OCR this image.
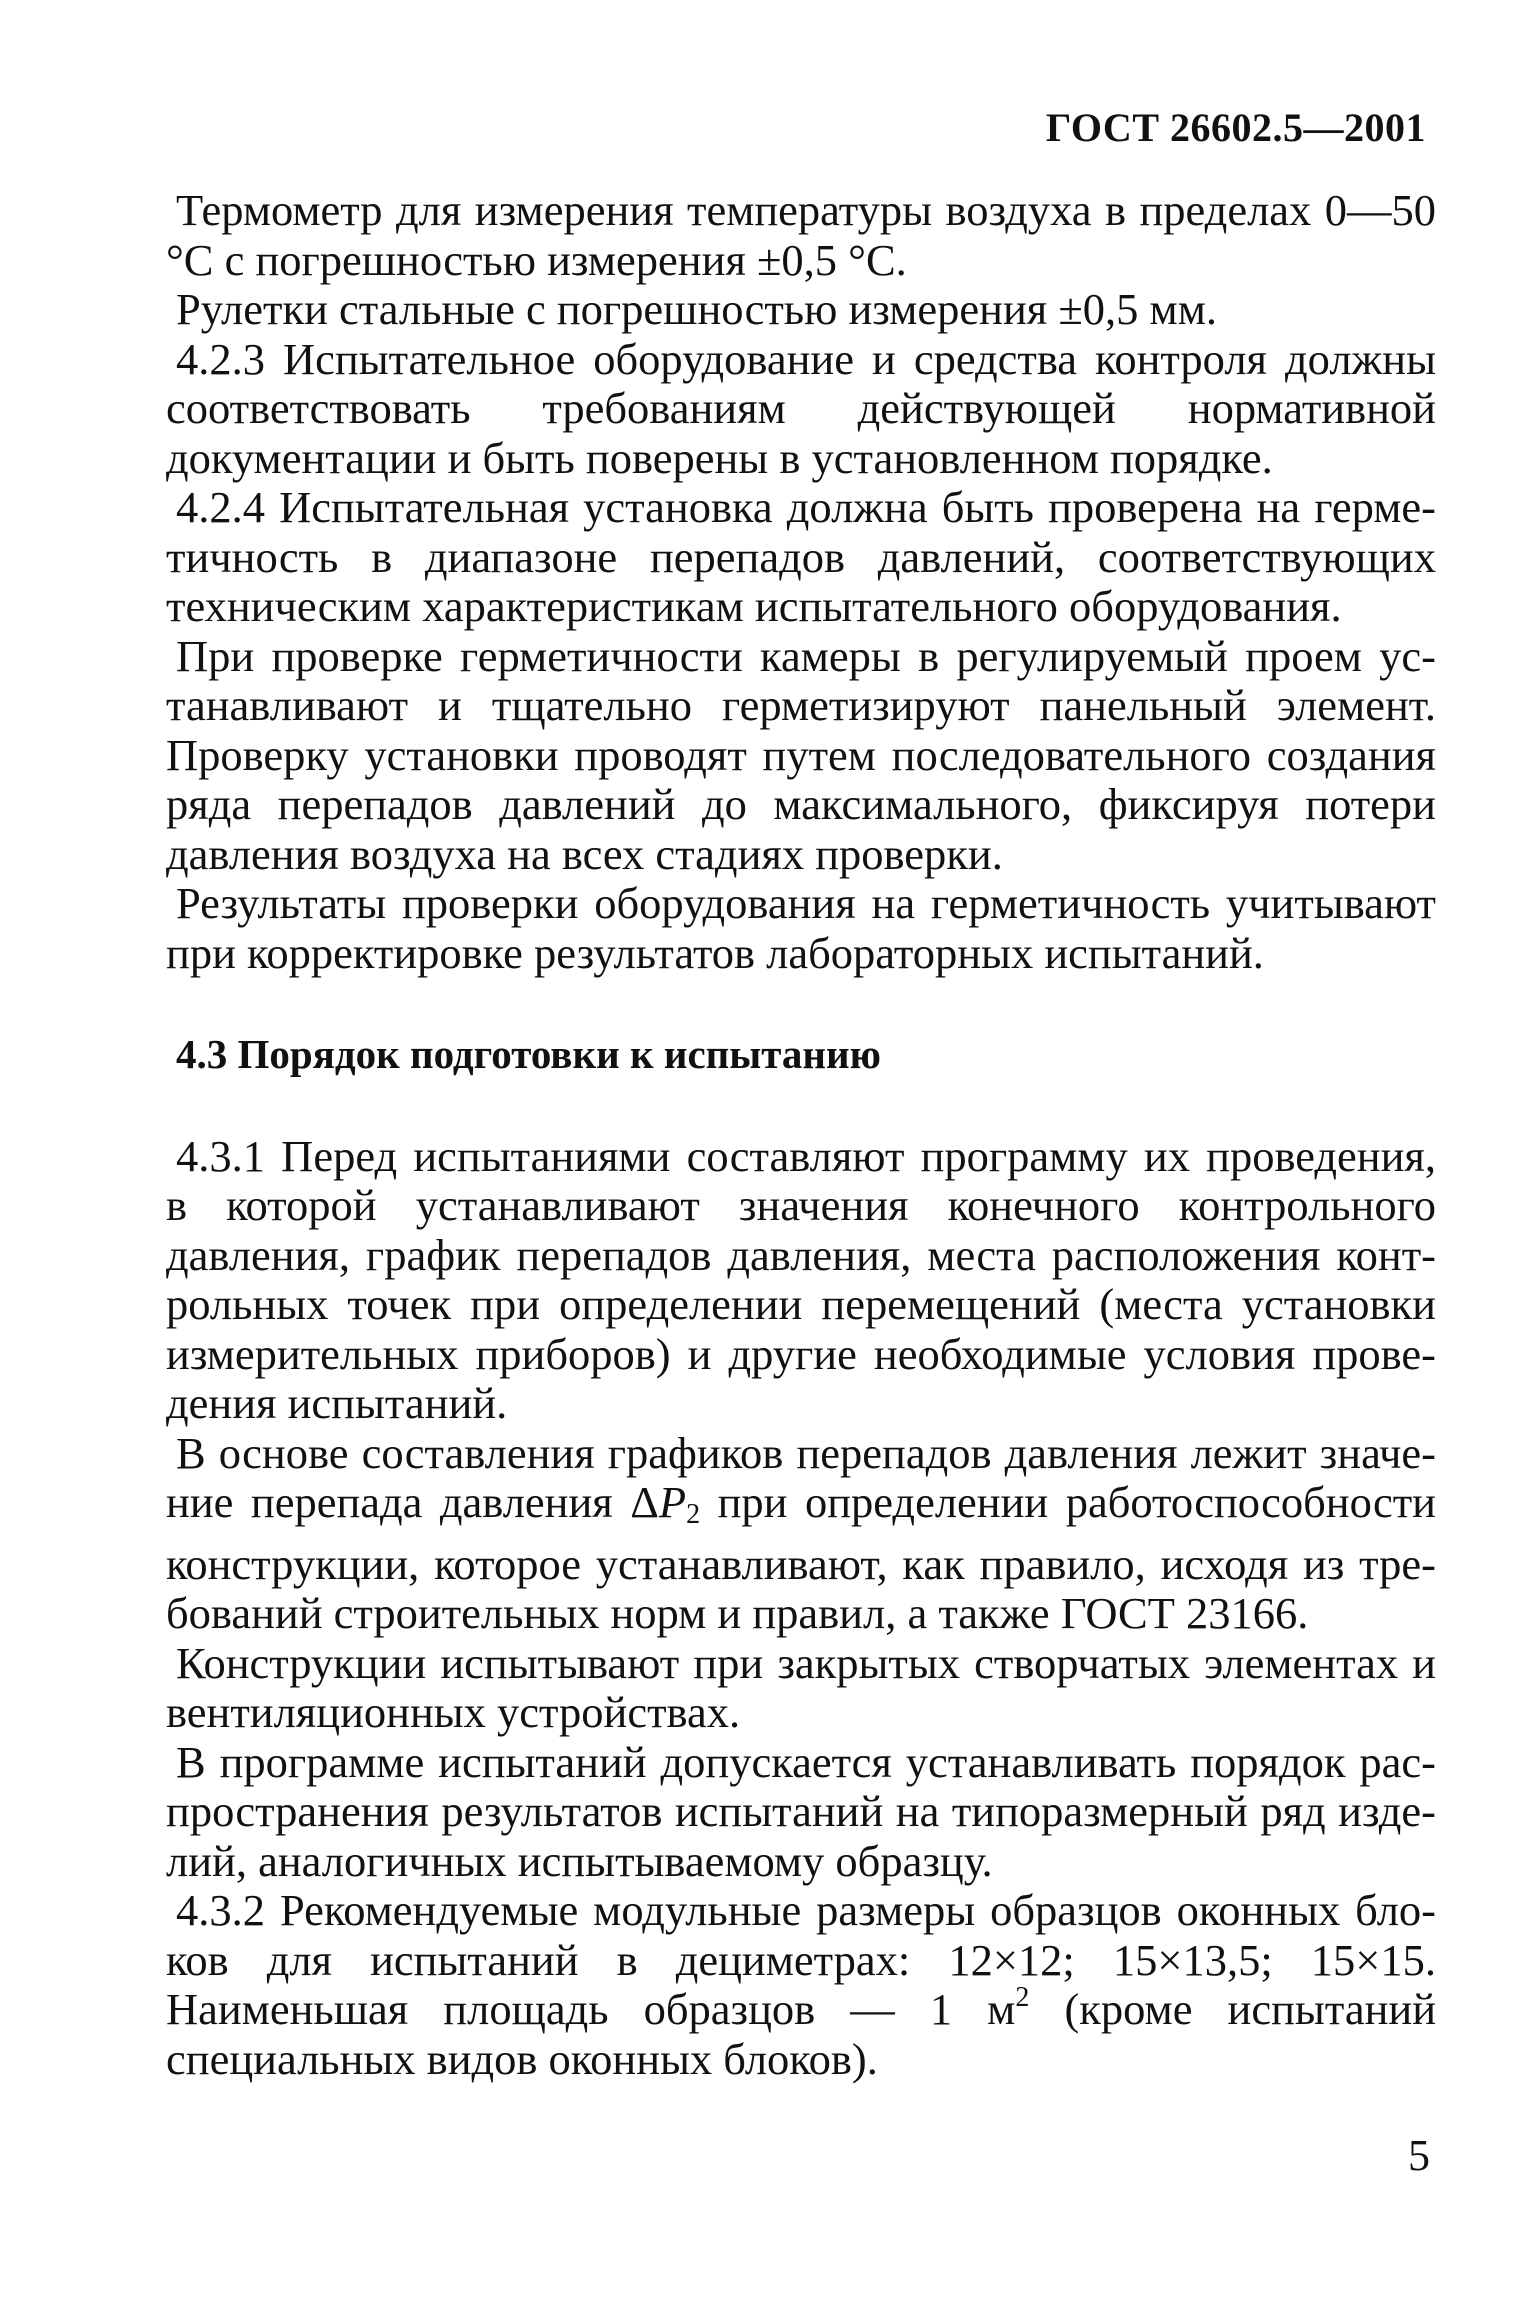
ГОСТ 26602.5—2001

Термометр для измерения температуры воздуха в пределах 0—50 °С с погрешностью измерения ±0,5 °С.

Рулетки стальные с погрешностью измерения ±0,5 мм.

4.2.3 Испытательное оборудование и средства контроля должны соответствовать требованиям действующей нормативной документации и быть поверены в установленном порядке.

4.2.4 Испытательная установка должна быть проверена на герметичность в диапазоне перепадов давлений, соответствующих техническим характеристикам испытательного оборудования.

При проверке герметичности камеры в регулируемый проем устанавливают и тщательно герметизируют панельный элемент. Проверку установки проводят путем последовательного создания ряда перепадов давлений до максимального, фиксируя потери давления воздуха на всех стадиях проверки.

Результаты проверки оборудования на герметичность учитывают при корректировке результатов лабораторных испытаний.

4.3 Порядок подготовки к испытанию

4.3.1 Перед испытаниями составляют программу их проведения, в которой устанавливают значения конечного контрольного давления, график перепадов давления, места расположения контрольных точек при определении перемещений (места установки измерительных приборов) и другие необходимые условия проведения испытаний.

В основе составления графиков перепадов давления лежит значение перепада давления $\Delta P_2$ при определении работоспособности конструкции, которое устанавливают, как правило, исходя из требований строительных норм и правил, а также ГОСТ 23166.

Конструкции испытывают при закрытых створчатых элементах и вентиляционных устройствах.

В программе испытаний допускается устанавливать порядок распространения результатов испытаний на типоразмерный ряд изделий, аналогичных испытываемому образцу.

4.3.2 Рекомендуемые модульные размеры образцов оконных блоков для испытаний в дециметрах: 12×12; 15×13,5; 15×15. Наименьшая площадь образцов — 1 $м^2$ (кроме испытаний специальных видов оконных блоков).

5
